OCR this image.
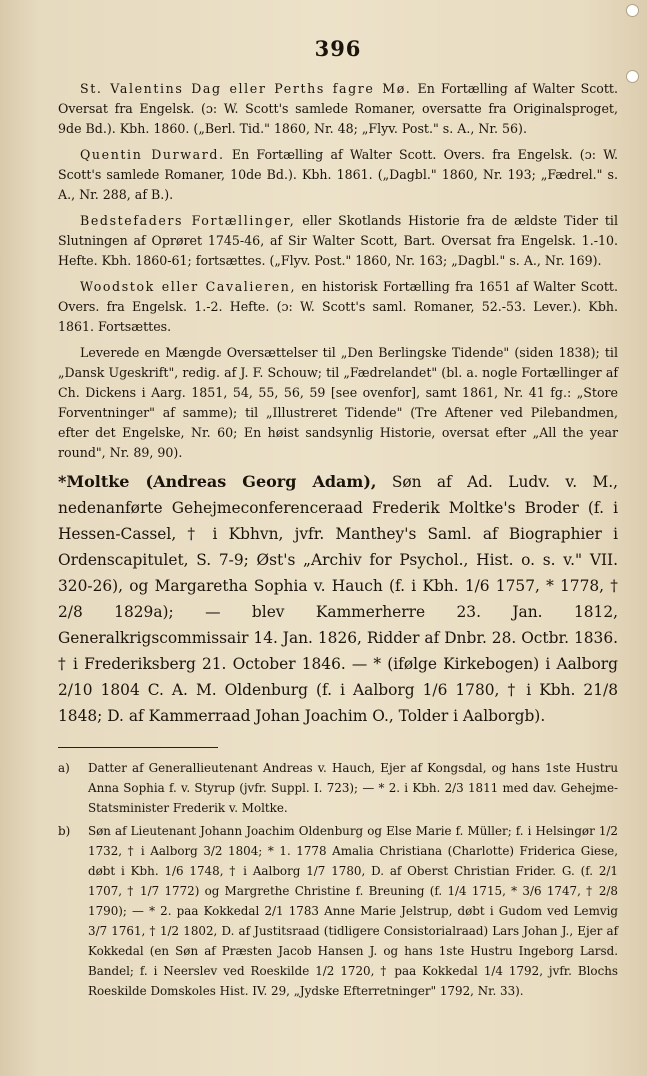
396

St. Valentins Dag eller Perths fagre Mø. En Fortælling af Walter Scott. Oversat fra Engelsk. (ɔ: W. Scott's samlede Romaner, oversatte fra Originalsproget, 9de Bd.). Kbh. 1860. („Berl. Tid." 1860, Nr. 48; „Flyv. Post." s. A., Nr. 56).

Quentin Durward. En Fortælling af Walter Scott. Overs. fra Engelsk. (ɔ: W. Scott's samlede Romaner, 10de Bd.). Kbh. 1861. („Dagbl." 1860, Nr. 193; „Fædrel." s. A., Nr. 288, af B.).

Bedstefaders Fortællinger, eller Skotlands Historie fra de ældste Tider til Slutningen af Oprøret 1745-46, af Sir Walter Scott, Bart. Oversat fra Engelsk. 1.-10. Hefte. Kbh. 1860-61; fortsættes. („Flyv. Post." 1860, Nr. 163; „Dagbl." s. A., Nr. 169).

Woodstok eller Cavalieren, en historisk Fortælling fra 1651 af Walter Scott. Overs. fra Engelsk. 1.-2. Hefte. (ɔ: W. Scott's saml. Romaner, 52.-53. Lever.). Kbh. 1861. Fortsættes.

Leverede en Mængde Oversættelser til „Den Berlingske Tidende" (siden 1838); til „Dansk Ugeskrift", redig. af J. F. Schouw; til „Fædrelandet" (bl. a. nogle Fortællinger af Ch. Dickens i Aarg. 1851, 54, 55, 56, 59 [see ovenfor], samt 1861, Nr. 41 fg.: „Store Forventninger" af samme); til „Illustreret Tidende" (Tre Aftener ved Pilebandmen, efter det Engelske, Nr. 60; En høist sandsynlig Historie, oversat efter „All the year round", Nr. 89, 90).

*Moltke (Andreas Georg Adam), Søn af Ad. Ludv. v. M., nedenanførte Gehejmeconferenceraad Frederik Moltke's Broder (f. i Hessen-Cassel, † i Kbhvn, jvfr. Manthey's Saml. af Biographier i Ordenscapitulet, S. 7-9; Øst's „Archiv for Psychol., Hist. o. s. v." VII. 320-26), og Margaretha Sophia v. Hauch (f. i Kbh. 1/6 1757, * 1778, † 2/8 1829a); — blev Kammerherre 23. Jan. 1812, Generalkrigscommissair 14. Jan. 1826, Ridder af Dnbr. 28. Octbr. 1836. † i Frederiksberg 21. October 1846. — * (ifølge Kirkebogen) i Aalborg 2/10 1804 C. A. M. Oldenburg (f. i Aalborg 1/6 1780, † i Kbh. 21/8 1848; D. af Kammerraad Johan Joachim O., Tolder i Aalborgb).

a)	Datter af Generallieutenant Andreas v. Hauch, Ejer af Kongsdal, og hans 1ste Hustru Anna Sophia f. v. Styrup (jvfr. Suppl. I. 723); — * 2. i Kbh. 2/3 1811 med dav. Gehejme-Statsminister Frederik v. Moltke.
b)	Søn af Lieutenant Johann Joachim Oldenburg og Else Marie f. Müller; f. i Helsingør 1/2 1732, † i Aalborg 3/2 1804; * 1. 1778 Amalia Christiana (Charlotte) Friderica Giese, døbt i Kbh. 1/6 1748, † i Aalborg 1/7 1780, D. af Oberst Christian Frider. G. (f. 2/1 1707, † 1/7 1772) og Margrethe Christine f. Breuning (f. 1/4 1715, * 3/6 1747, † 2/8 1790); — * 2. paa Kokkedal 2/1 1783 Anne Marie Jelstrup, døbt i Gudom ved Lemvig 3/7 1761, † 1/2 1802, D. af Justitsraad (tidligere Consistorialraad) Lars Johan J., Ejer af Kokkedal (en Søn af Præsten Jacob Hansen J. og hans 1ste Hustru Ingeborg Larsd. Bandel; f. i Neerslev ved Roeskilde 1/2 1720, † paa Kokkedal 1/4 1792, jvfr. Blochs Roeskilde Domskoles Hist. IV. 29, „Jydske Efterretninger" 1792, Nr. 33).
